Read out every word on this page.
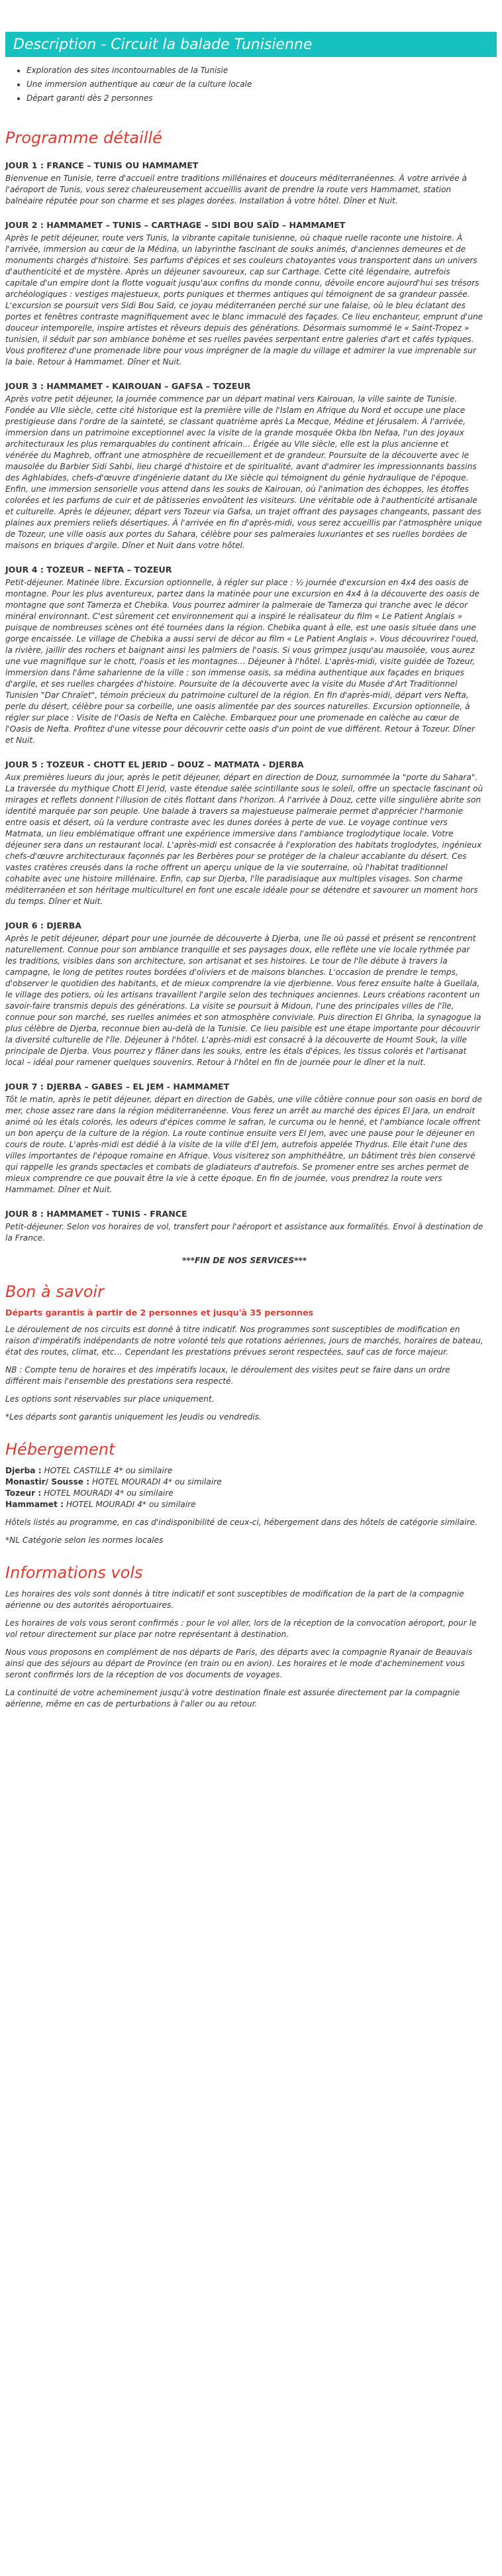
Description - Circuit la balade Tunisienne
• Exploration des sites incontournables de la Tunisie
• Une immersion authentique au cœur de la culture locale
• Départ garanti dès 2 personnes
Programme détaillé
JOUR 1 : FRANCE – TUNIS OU HAMMAMET
Bienvenue en Tunisie, terre d'accueil entre traditions millénaires et douceurs méditerranéennes. À votre arrivée à l'aéroport de Tunis, vous serez chaleureusement accueillis avant de prendre la route vers Hammamet, station balnéaire réputée pour son charme et ses plages dorées. Installation à votre hôtel. Dîner et Nuit.
JOUR 2 : HAMMAMET – TUNIS – CARTHAGE – SIDI BOU SAÏD – HAMMAMET
Après le petit déjeuner, route vers Tunis, la vibrante capitale tunisienne, où chaque ruelle raconte une histoire. À l'arrivée, immersion au cœur de la Médina, un labyrinthe fascinant de souks animés, d'anciennes demeures et de monuments chargés d'histoire. Ses parfums d'épices et ses couleurs chatoyantes vous transportent dans un univers d'authenticité et de mystère. Après un déjeuner savoureux, cap sur Carthage. Cette cité légendaire, autrefois capitale d'un empire dont la flotte voguait jusqu'aux confins du monde connu, dévoile encore aujourd'hui ses trésors archéologiques : vestiges majestueux, ports puniques et thermes antiques qui témoignent de sa grandeur passée. L'excursion se poursuit vers Sidi Bou Saïd, ce joyau méditerranéen perché sur une falaise, où le bleu éclatant des portes et fenêtres contraste magnifiquement avec le blanc immaculé des façades. Ce lieu enchanteur, emprunt d'une douceur intemporelle, inspire artistes et rêveurs depuis des générations. Désormais surnommé le « Saint-Tropez » tunisien, il séduit par son ambiance bohème et ses ruelles pavées serpentant entre galeries d'art et cafés typiques. Vous profiterez d'une promenade libre pour vous imprégner de la magie du village et admirer la vue imprenable sur la baie. Retour à Hammamet. Dîner et Nuit.
JOUR 3 : HAMMAMET - KAIROUAN – GAFSA – TOZEUR
Après votre petit déjeuner, la journée commence par un départ matinal vers Kairouan, la ville sainte de Tunisie. Fondée au VIIe siècle, cette cité historique est la première ville de l'Islam en Afrique du Nord et occupe une place prestigieuse dans l'ordre de la sainteté, se classant quatrième après La Mecque, Médine et Jérusalem. À l'arrivée, immersion dans un patrimoine exceptionnel avec la visite de la grande mosquée Okba Ibn Nefaa, l'un des joyaux architecturaux les plus remarquables du continent africain… Érigée au VIIe siècle, elle est la plus ancienne et vénérée du Maghreb, offrant une atmosphère de recueillement et de grandeur. Poursuite de la découverte avec le mausolée du Barbier Sidi Sahbi, lieu chargé d'histoire et de spiritualité, avant d'admirer les impressionnants bassins des Aghlabides, chefs-d'œuvre d'ingénierie datant du IXe siècle qui témoignent du génie hydraulique de l'époque. Enfin, une immersion sensorielle vous attend dans les souks de Kairouan, où l'animation des échoppes, les étoffes colorées et les parfums de cuir et de pâtisseries envoûtent les visiteurs. Une véritable ode à l'authenticité artisanale et culturelle. Après le déjeuner, départ vers Tozeur via Gafsa, un trajet offrant des paysages changeants, passant des plaines aux premiers reliefs désertiques. À l'arrivée en fin d'après-midi, vous serez accueillis par l'atmosphère unique de Tozeur, une ville oasis aux portes du Sahara, célèbre pour ses palmeraies luxuriantes et ses ruelles bordées de maisons en briques d'argile. Dîner et Nuit dans votre hôtel.
JOUR 4 : TOZEUR – NEFTA – TOZEUR
Petit-déjeuner. Matinée libre. Excursion optionnelle, à régler sur place : ½ journée d'excursion en 4x4 des oasis de montagne. Pour les plus aventureux, partez dans la matinée pour une excursion en 4x4 à la découverte des oasis de montagne que sont Tamerza et Chebika. Vous pourrez admirer la palmeraie de Tamerza qui tranche avec le décor minéral environnant. C'est sûrement cet environnement qui a inspiré le réalisateur du film « Le Patient Anglais » puisque de nombreuses scènes ont été tournées dans la région. Chebika quant à elle, est une oasis située dans une gorge encaissée. Le village de Chebika a aussi servi de décor au film « Le Patient Anglais ». Vous découvrirez l'oued, la rivière, jaillir des rochers et baignant ainsi les palmiers de l'oasis. Si vous grimpez jusqu'au mausolée, vous aurez une vue magnifique sur le chott, l'oasis et les montagnes… Déjeuner à l'hôtel. L'après-midi, visite guidée de Tozeur, immersion dans l'âme saharienne de la ville : son immense oasis, sa médina authentique aux façades en briques d'argile, et ses ruelles chargées d'histoire. Poursuite de la découverte avec la visite du Musée d'Art Traditionnel Tunisien "Dar Chraïet", témoin précieux du patrimoine culturel de la région. En fin d'après-midi, départ vers Nefta, perle du désert, célèbre pour sa corbeille, une oasis alimentée par des sources naturelles. Excursion optionnelle, à régler sur place : Visite de l'Oasis de Nefta en Calèche. Embarquez pour une promenade en calèche au cœur de l'Oasis de Nefta. Profitez d'une vitesse pour découvrir cette oasis d'un point de vue différent. Retour à Tozeur. Dîner et Nuit.
JOUR 5 : TOZEUR - CHOTT EL JERID – DOUZ – MATMATA - DJERBA
Aux premières lueurs du jour, après le petit déjeuner, départ en direction de Douz, surnommée la "porte du Sahara". La traversée du mythique Chott El Jerid, vaste étendue salée scintillante sous le soleil, offre un spectacle fascinant où mirages et reflets donnent l'illusion de cités flottant dans l'horizon. À l'arrivée à Douz, cette ville singulière abrite son identité marquée par son peuple. Une balade à travers sa majestueuse palmeraie permet d'apprécier l'harmonie entre oasis et désert, où la verdure contraste avec les dunes dorées à perte de vue. Le voyage continue vers Matmata, un lieu emblématique offrant une expérience immersive dans l'ambiance troglodytique locale. Votre déjeuner sera dans un restaurant local. L'après-midi est consacrée à l'exploration des habitats troglodytes, ingénieux chefs-d'œuvre architecturaux façonnés par les Berbères pour se protéger de la chaleur accablante du désert. Ces vastes cratères creusés dans la roche offrent un aperçu unique de la vie souterraine, où l'habitat traditionnel cohabite avec une histoire millénaire. Enfin, cap sur Djerba, l'île paradisiaque aux multiples visages. Son charme méditerranéen et son héritage multiculturel en font une escale idéale pour se détendre et savourer un moment hors du temps. Dîner et Nuit.
JOUR 6 : DJERBA
Après le petit déjeuner, départ pour une journée de découverte à Djerba, une île où passé et présent se rencontrent naturellement. Connue pour son ambiance tranquille et ses paysages doux, elle reflète une vie locale rythmée par les traditions, visibles dans son architecture, son artisanat et ses histoires. Le tour de l'île débute à travers la campagne, le long de petites routes bordées d'oliviers et de maisons blanches. L'occasion de prendre le temps, d'observer le quotidien des habitants, et de mieux comprendre la vie djerbienne. Vous ferez ensuite halte à Guellala, le village des potiers, où les artisans travaillent l'argile selon des techniques anciennes. Leurs créations racontent un savoir-faire transmis depuis des générations. La visite se poursuit à Midoun, l'une des principales villes de l'île, connue pour son marché, ses ruelles animées et son atmosphère conviviale. Puis direction El Ghriba, la synagogue la plus célèbre de Djerba, reconnue bien au-delà de la Tunisie. Ce lieu paisible est une étape importante pour découvrir la diversité culturelle de l'île. Déjeuner à l'hôtel. L'après-midi est consacré à la découverte de Houmt Souk, la ville principale de Djerba. Vous pourrez y flâner dans les souks, entre les étals d'épices, les tissus colorés et l'artisanat local – idéal pour ramener quelques souvenirs. Retour à l'hôtel en fin de journée pour le dîner et la nuit.
JOUR 7 : DJERBA – GABES – EL JEM - HAMMAMET
Tôt le matin, après le petit déjeuner, départ en direction de Gabès, une ville côtière connue pour son oasis en bord de mer, chose assez rare dans la région méditerranéenne. Vous ferez un arrêt au marché des épices El Jara, un endroit animé où les étals colorés, les odeurs d'épices comme le safran, le curcuma ou le henné, et l'ambiance locale offrent un bon aperçu de la culture de la région. La route continue ensuite vers El Jem, avec une pause pour le déjeuner en cours de route. L'après-midi est dédié à la visite de la ville d'El Jem, autrefois appelée Thydrus. Elle était l'une des villes importantes de l'époque romaine en Afrique. Vous visiterez son amphithéâtre, un bâtiment très bien conservé qui rappelle les grands spectacles et combats de gladiateurs d'autrefois. Se promener entre ses arches permet de mieux comprendre ce que pouvait être la vie à cette époque. En fin de journée, vous prendrez la route vers Hammamet. Dîner et Nuit.
JOUR 8 : HAMMAMET - TUNIS - FRANCE
Petit-déjeuner. Selon vos horaires de vol, transfert pour l'aéroport et assistance aux formalités. Envol à destination de la France.
***FIN DE NOS SERVICES***
Bon à savoir

Départs garantis à partir de 2 personnes et jusqu'à 35 personnes

Le déroulement de nos circuits est donné à titre indicatif. Nos programmes sont susceptibles de modification en raison d'impératifs indépendants de notre volonté tels que rotations aériennes, jours de marchés, horaires de bateau, état des routes, climat, etc… Cependant les prestations prévues seront respectées, sauf cas de force majeur.

NB : Compte tenu de horaires et des impératifs locaux, le déroulement des visites peut se faire dans un ordre différent mais l'ensemble des prestations sera respecté.

Les options sont réservables sur place uniquement.

*Les départs sont garantis uniquement les Jeudis ou vendredis.

Hébergement
Djerba : HOTEL CASTILLE 4* ou similaire
Monastir/ Sousse : HOTEL MOURADI 4* ou similaire
Tozeur : HOTEL MOURADI 4* ou similaire
Hammamet : HOTEL MOURADI 4* ou similaire

Hôtels listés au programme, en cas d'indisponibilité de ceux-ci, hébergement dans des hôtels de catégorie similaire.

*NL Catégorie selon les normes locales

Informations vols

Les horaires des vols sont donnés à titre indicatif et sont susceptibles de modification de la part de la compagnie aérienne ou des autorités aéroportuaires.

Les horaires de vols vous seront confirmés : pour le vol aller, lors de la réception de la convocation aéroport, pour le vol retour directement sur place par notre représentant à destination.

Nous vous proposons en complément de nos départs de Paris, des départs avec la compagnie Ryanair de Beauvais ainsi que des séjours au départ de Province (en train ou en avion). Les horaires et le mode d'acheminement vous seront confirmés lors de la réception de vos documents de voyages.

La continuité de votre acheminement jusqu'à votre destination finale est assurée directement par la compagnie aérienne, même en cas de perturbations à l'aller ou au retour.
